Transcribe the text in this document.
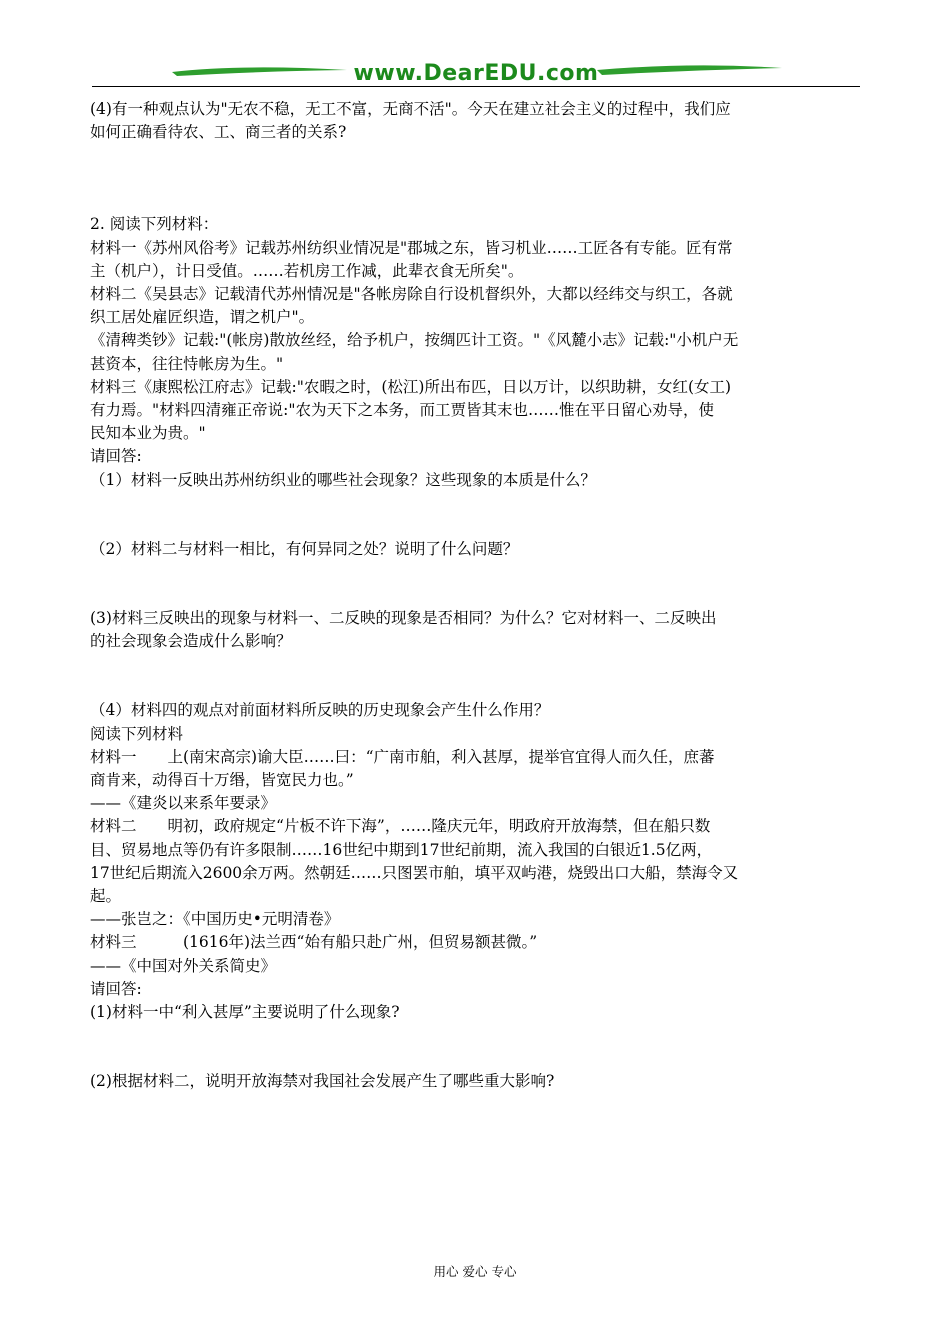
www.DearEDU.com

(4)有一种观点认为"无农不稳，无工不富，无商不活"。今天在建立社会主义的过程中，我们应

如何正确看待农、工、商三者的关系?

2. 阅读下列材料：

材料一《苏州风俗考》记载苏州纺织业情况是"郡城之东，皆习机业……工匠各有专能。匠有常

主（机户），计日受值。……若机房工作减，此辈衣食无所矣"。

材料二《吴县志》记载清代苏州情况是"各帐房除自行设机督织外，大都以经纬交与织工，各就

织工居处雇匠织造，谓之机户"。

《清稗类钞》记载:"(帐房)散放丝经，给予机户，按绸匹计工资。"《风麓小志》记载:"小机户无

甚资本，往往恃帐房为生。"

材料三《康熙松江府志》记载:"农暇之时，(松江)所出布匹，日以万计，以织助耕，女红(女工)

有力焉。"材料四清雍正帝说:"农为天下之本务，而工贾皆其末也……惟在平日留心劝导，使

民知本业为贵。"

请回答:

（1）材料一反映出苏州纺织业的哪些社会现象？这些现象的本质是什么？

（2）材料二与材料一相比，有何异同之处？说明了什么问题？

(3)材料三反映出的现象与材料一、二反映的现象是否相同？为什么？它对材料一、二反映出

的社会现象会造成什么影响？

（4）材料四的观点对前面材料所反映的历史现象会产生什么作用？

阅读下列材料

材料一　　上(南宋高宗)谕大臣……曰：“广南市舶，利入甚厚，提举官宜得人而久任，庶蕃

商肯来，动得百十万缗，皆宽民力也。”

——《建炎以来系年要录》

材料二　　明初，政府规定“片板不许下海”，……隆庆元年，明政府开放海禁，但在船只数

目、贸易地点等仍有许多限制……16世纪中期到17世纪前期，流入我国的白银近1.5亿两，

17世纪后期流入2600余万两。然朝廷……只图罢市舶，填平双屿港，烧毁出口大船，禁海令又

起。

——张岂之：《中国历史•元明清卷》

材料三　　　(1616年)法兰西“始有船只赴广州，但贸易额甚微。”

——《中国对外关系简史》

请回答:

(1)材料一中“利入甚厚”主要说明了什么现象?

(2)根据材料二，说明开放海禁对我国社会发展产生了哪些重大影响?

用心 爱心 专心
